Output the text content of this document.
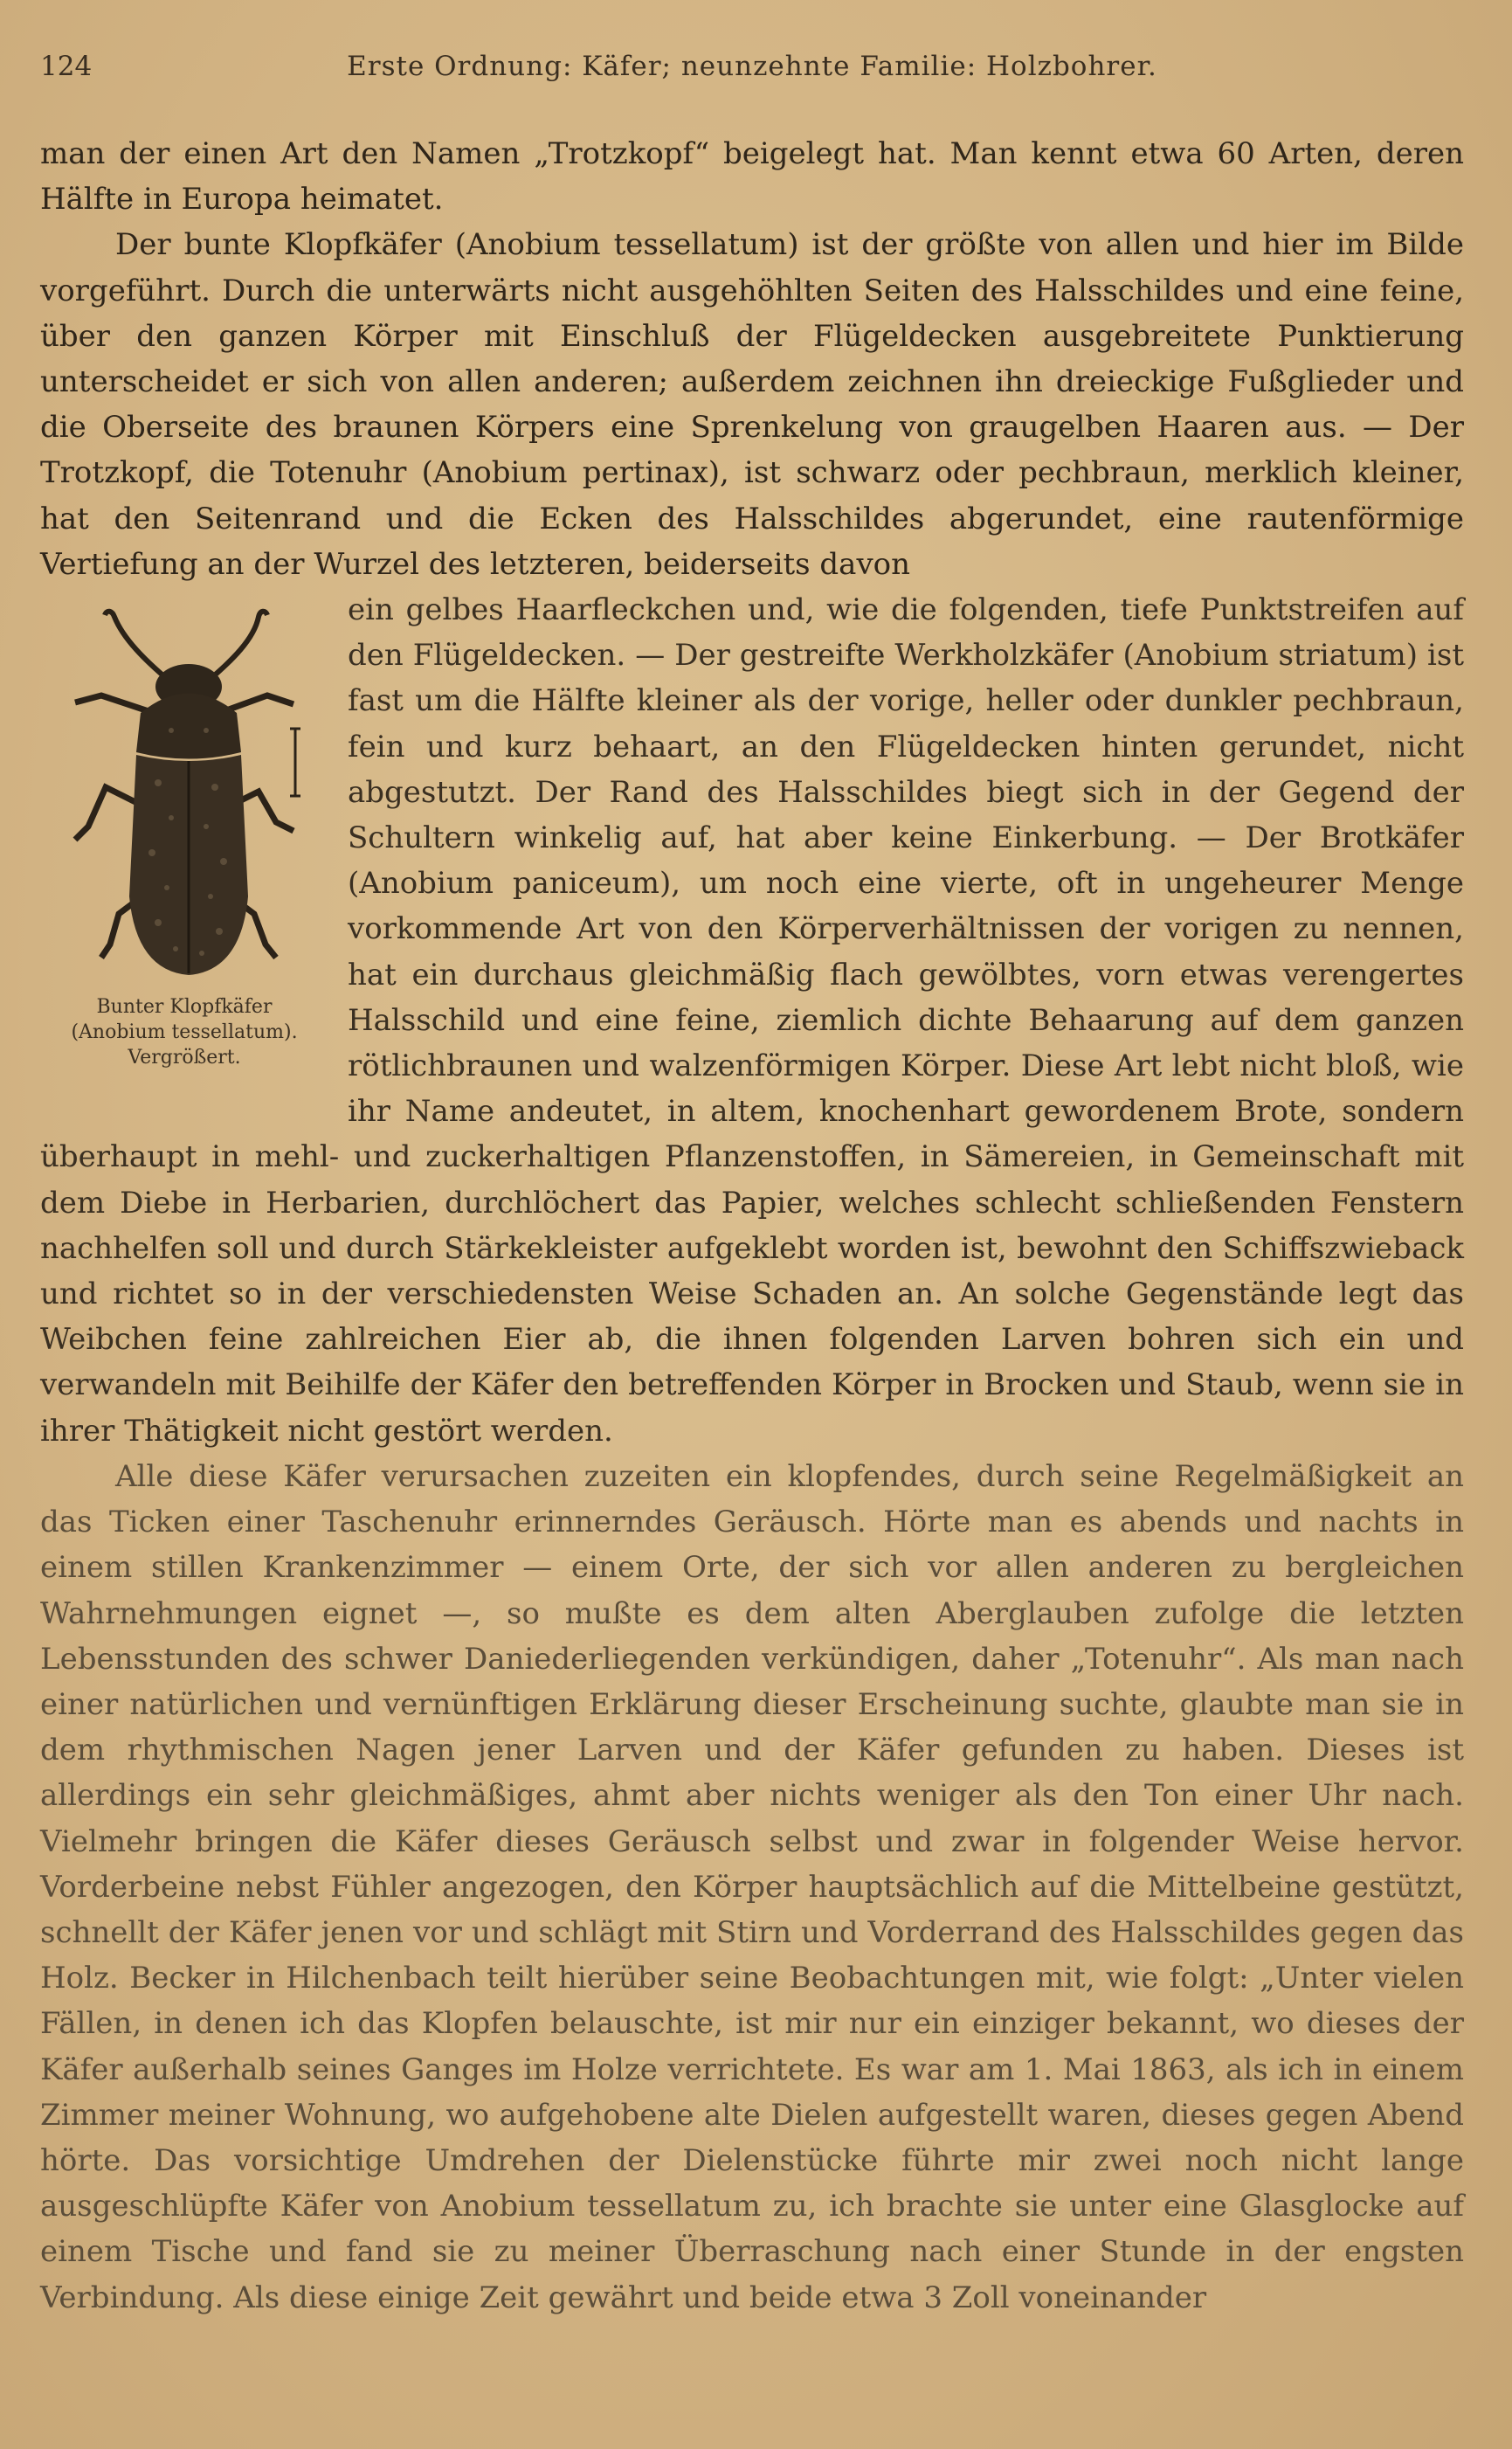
124	Erste Ordnung: Käfer; neunzehnte Familie: Holzbohrer.

man der einen Art den Namen „Trotzkopf“ beigelegt hat. Man kennt etwa 60 Arten, deren Hälfte in Europa heimatet.

Der bunte Klopfkäfer (Anobium tessellatum) ist der größte von allen und hier im Bilde vorgeführt. Durch die unterwärts nicht ausgehöhlten Seiten des Halsschildes und eine feine, über den ganzen Körper mit Einschluß der Flügeldecken ausgebreitete Punktierung unterscheidet er sich von allen anderen; außerdem zeichnen ihn dreieckige Fußglieder und die Oberseite des braunen Körpers eine Sprenkelung von graugelben Haaren aus. — Der Trotzkopf, die Totenuhr (Anobium pertinax), ist schwarz oder pechbraun, merklich kleiner, hat den Seitenrand und die Ecken des Halsschildes abgerundet, eine rautenförmige Vertiefung an der Wurzel des letzteren, beiderseits davon

Bunter Klopfkäfer
(Anobium tessellatum).
Vergrößert.

ein gelbes Haarfleckchen und, wie die folgenden, tiefe Punktstreifen auf den Flügeldecken. — Der gestreifte Werkholzkäfer (Anobium striatum) ist fast um die Hälfte kleiner als der vorige, heller oder dunkler pechbraun, fein und kurz behaart, an den Flügeldecken hinten gerundet, nicht abgestutzt. Der Rand des Halsschildes biegt sich in der Gegend der Schultern winkelig auf, hat aber keine Einkerbung. — Der Brotkäfer (Anobium paniceum), um noch eine vierte, oft in ungeheurer Menge vorkommende Art von den Körperverhältnissen der vorigen zu nennen, hat ein durchaus gleichmäßig flach gewölbtes, vorn etwas verengertes Halsschild und eine feine, ziemlich dichte Behaarung auf dem ganzen rötlichbraunen und walzenförmigen Körper. Diese Art lebt nicht bloß, wie ihr Name andeutet, in altem, knochenhart gewordenem Brote, sondern überhaupt in mehl- und zuckerhaltigen Pflanzenstoffen, in Sämereien, in Gemeinschaft mit dem Diebe in Herbarien, durchlöchert das Papier, welches schlecht schließenden Fenstern nachhelfen soll und durch Stärkekleister aufgeklebt worden ist, bewohnt den Schiffszwieback und richtet so in der verschiedensten Weise Schaden an. An solche Gegenstände legt das Weibchen feine zahlreichen Eier ab, die ihnen folgenden Larven bohren sich ein und verwandeln mit Beihilfe der Käfer den betreffenden Körper in Brocken und Staub, wenn sie in ihrer Thätigkeit nicht gestört werden.

Alle diese Käfer verursachen zuzeiten ein klopfendes, durch seine Regelmäßigkeit an das Ticken einer Taschenuhr erinnerndes Geräusch. Hörte man es abends und nachts in einem stillen Krankenzimmer — einem Orte, der sich vor allen anderen zu bergleichen Wahrnehmungen eignet —, so mußte es dem alten Aberglauben zufolge die letzten Lebensstunden des schwer Daniederliegenden verkündigen, daher „Totenuhr“. Als man nach einer natürlichen und vernünftigen Erklärung dieser Erscheinung suchte, glaubte man sie in dem rhythmischen Nagen jener Larven und der Käfer gefunden zu haben. Dieses ist allerdings ein sehr gleichmäßiges, ahmt aber nichts weniger als den Ton einer Uhr nach. Vielmehr bringen die Käfer dieses Geräusch selbst und zwar in folgender Weise hervor. Vorderbeine nebst Fühler angezogen, den Körper hauptsächlich auf die Mittelbeine gestützt, schnellt der Käfer jenen vor und schlägt mit Stirn und Vorderrand des Halsschildes gegen das Holz. Becker in Hilchenbach teilt hierüber seine Beobachtungen mit, wie folgt: „Unter vielen Fällen, in denen ich das Klopfen belauschte, ist mir nur ein einziger bekannt, wo dieses der Käfer außerhalb seines Ganges im Holze verrichtete. Es war am 1. Mai 1863, als ich in einem Zimmer meiner Wohnung, wo aufgehobene alte Dielen aufgestellt waren, dieses gegen Abend hörte. Das vorsichtige Umdrehen der Dielenstücke führte mir zwei noch nicht lange ausgeschlüpfte Käfer von Anobium tessellatum zu, ich brachte sie unter eine Glasglocke auf einem Tische und fand sie zu meiner Überraschung nach einer Stunde in der engsten Verbindung. Als diese einige Zeit gewährt und beide etwa 3 Zoll voneinander
